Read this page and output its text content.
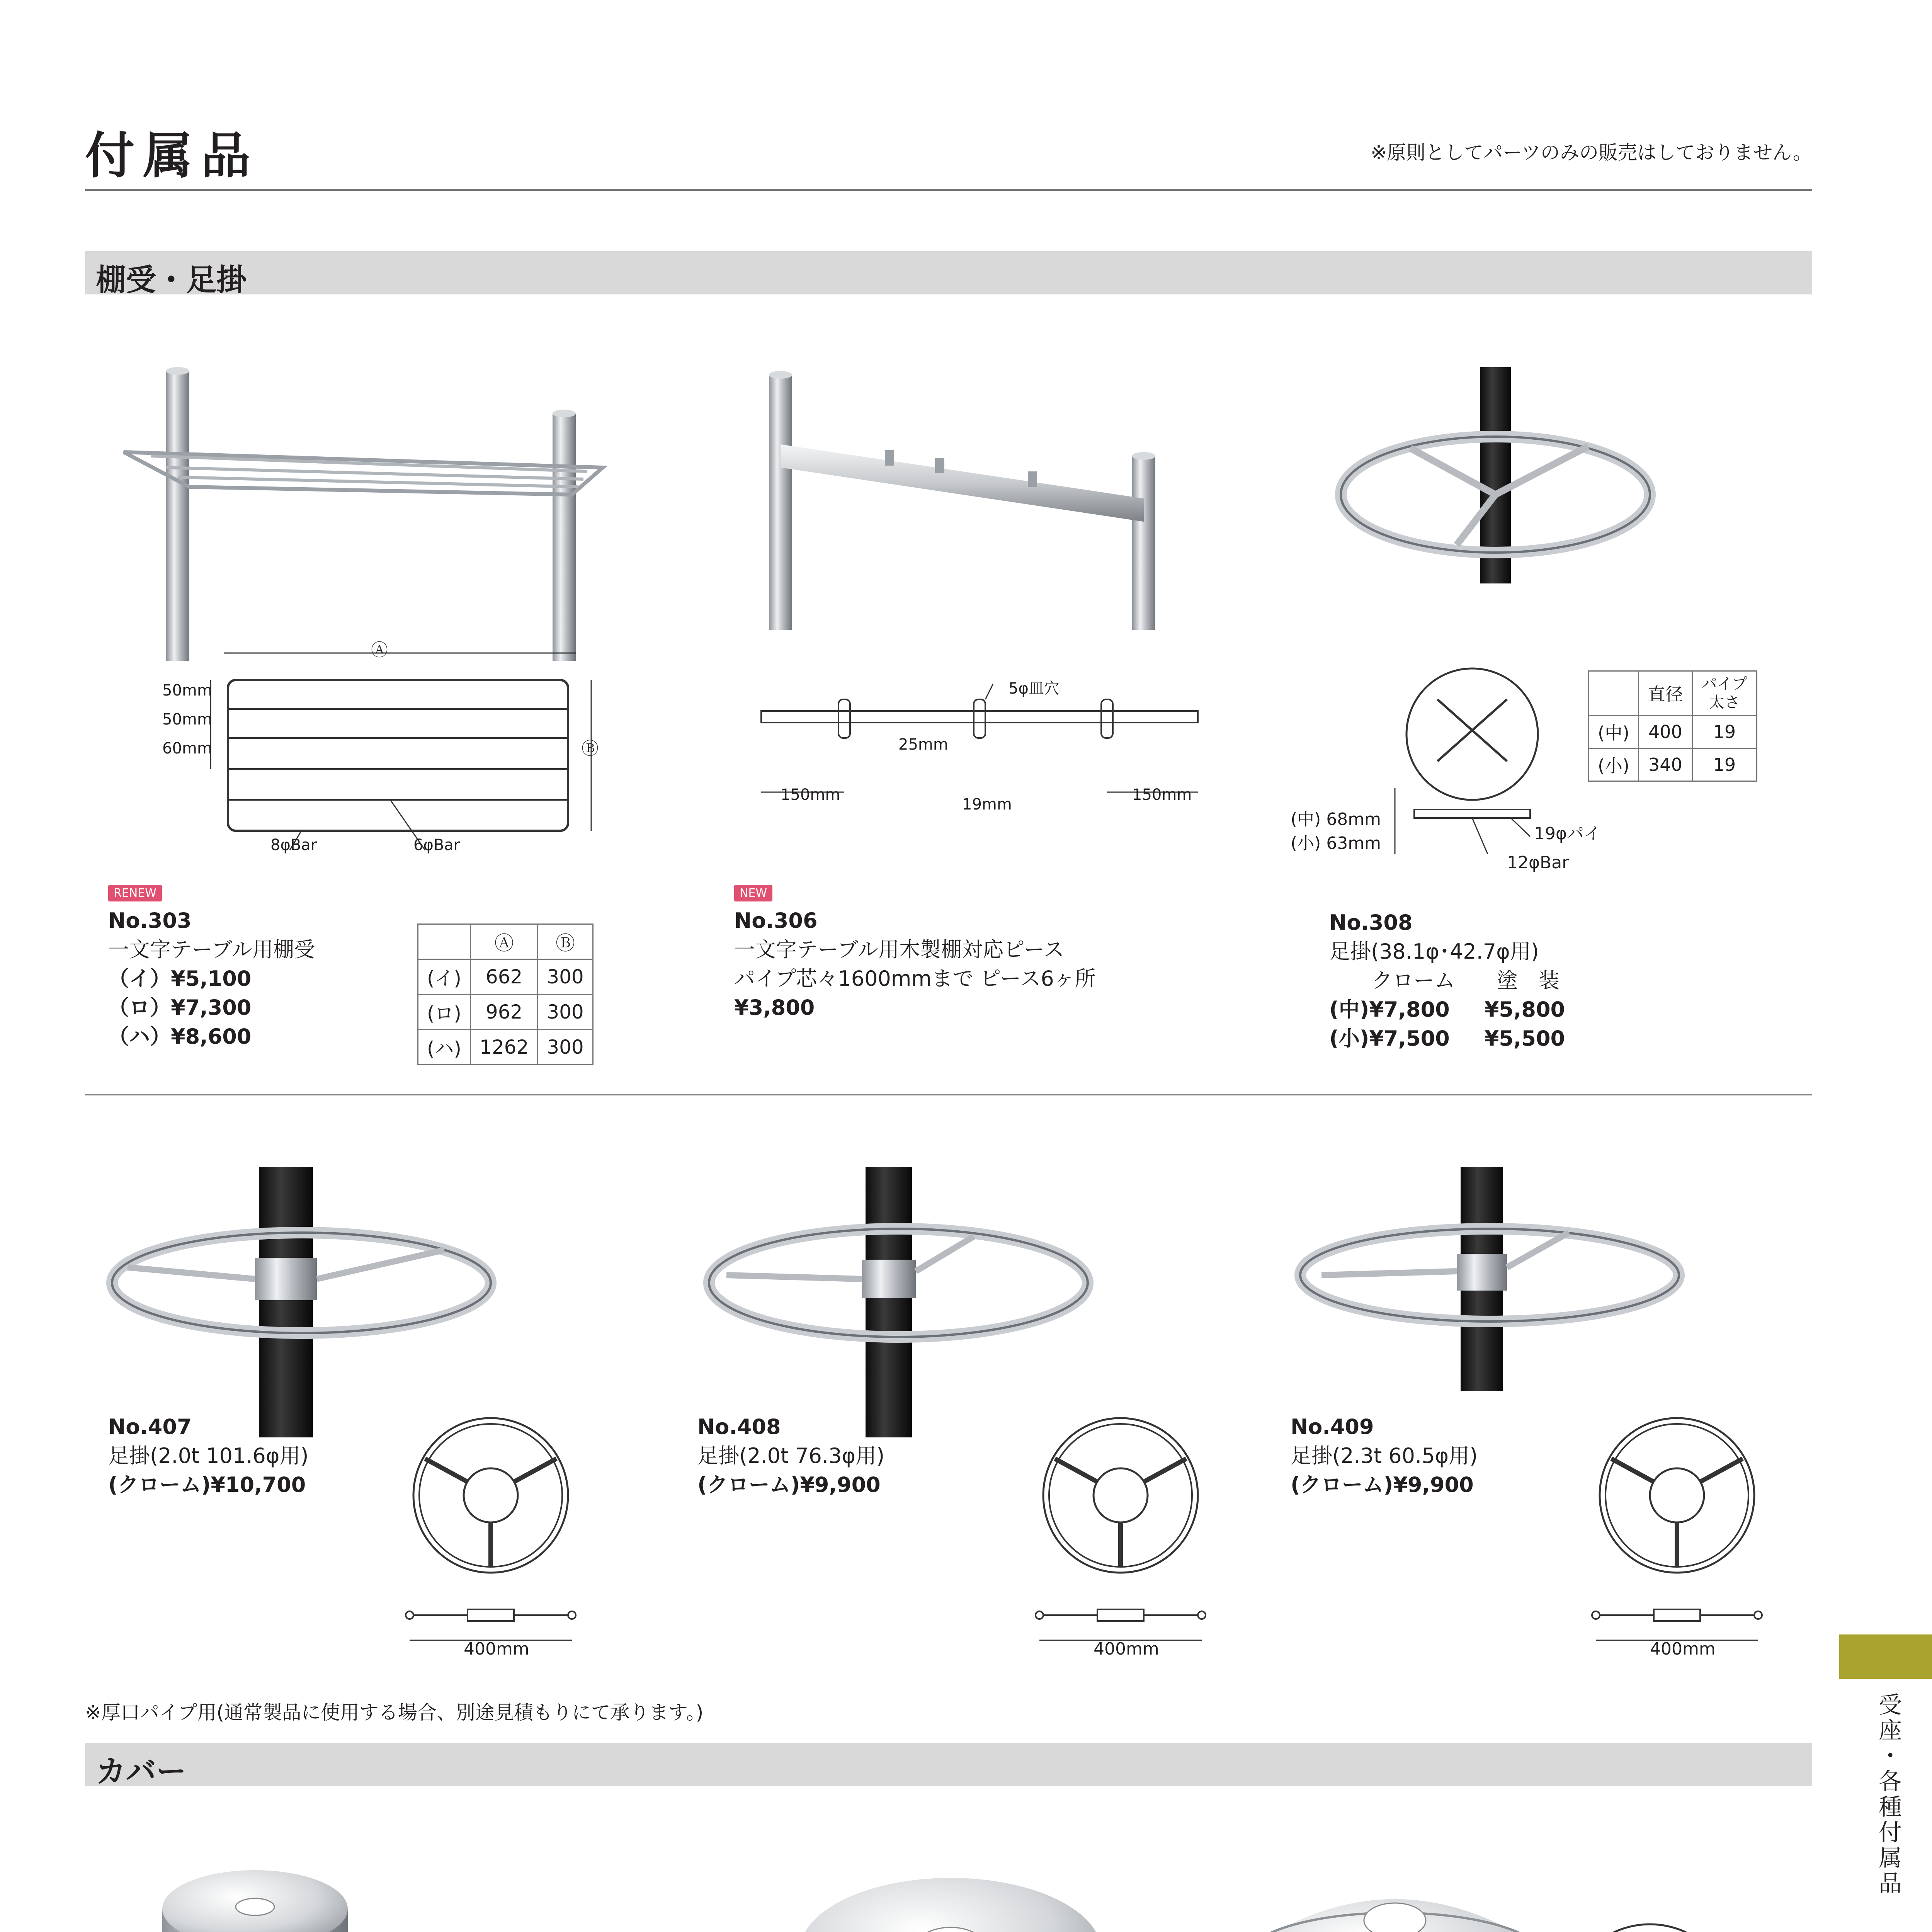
付属品	※原則としてパーツのみの販売はしておりません。
棚受・足掛
Ⓐ
Ⓑ
50mm
50mm
60mm
8φBar	6φBar
RENEW
No.303
一文字テーブル用棚受
（イ）¥5,100
（ロ）¥7,300
（ハ）¥8,600
	Ⓐ	Ⓑ
(イ)	662	300
(ロ)	962	300
(ハ)	1262	300
5φ皿穴
25mm
19mm
150mm	150mm
NEW
No.306
一文字テーブル用木製棚対応ピース
パイプ芯々1600mmまで ピース6ヶ所
¥3,800
(中) 68mm
(小) 63mm	19φパイ
12φBar
	直径	パイプ太さ
(中)	400	19
(小)	340	19
No.308
足掛(38.1φ･42.7φ用)
クローム　　塗　装
(中)¥7,800 ¥5,800
(小)¥7,500 ¥5,500
400mm	400mm	400mm
No.407
足掛(2.0t 101.6φ用)
(クローム)¥10,700
No.408
足掛(2.0t 76.3φ用)
(クローム)¥9,900
No.409
足掛(2.3t 60.5φ用)
(クローム)¥9,900
※厚口パイプ用(通常製品に使用する場合、別途見積もりにて承ります。)
カバー	受座・各種付属品
